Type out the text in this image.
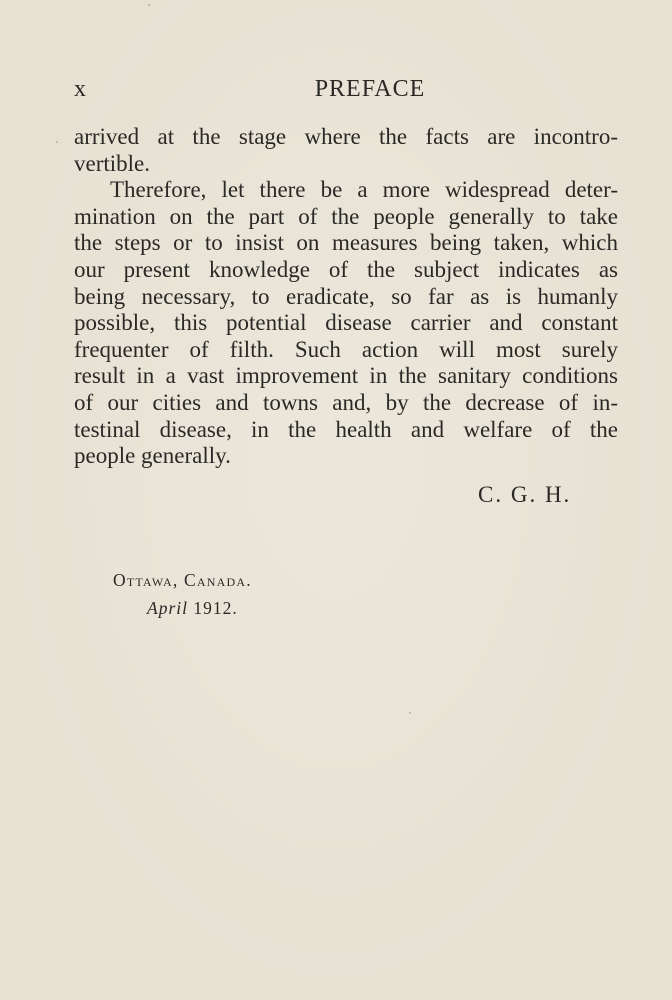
x	PREFACE
arrived at the stage where the facts are incontro-
vertible.
Therefore, let there be a more widespread deter-
mination on the part of the people generally to take
the steps or to insist on measures being taken, which
our present knowledge of the subject indicates as
being necessary, to eradicate, so far as is humanly
possible, this potential disease carrier and constant
frequenter of filth. Such action will most surely
result in a vast improvement in the sanitary conditions
of our cities and towns and, by the decrease of in-
testinal disease, in the health and welfare of the
people generally.
C. G. H.
Ottawa, Canada.
April 1912.
